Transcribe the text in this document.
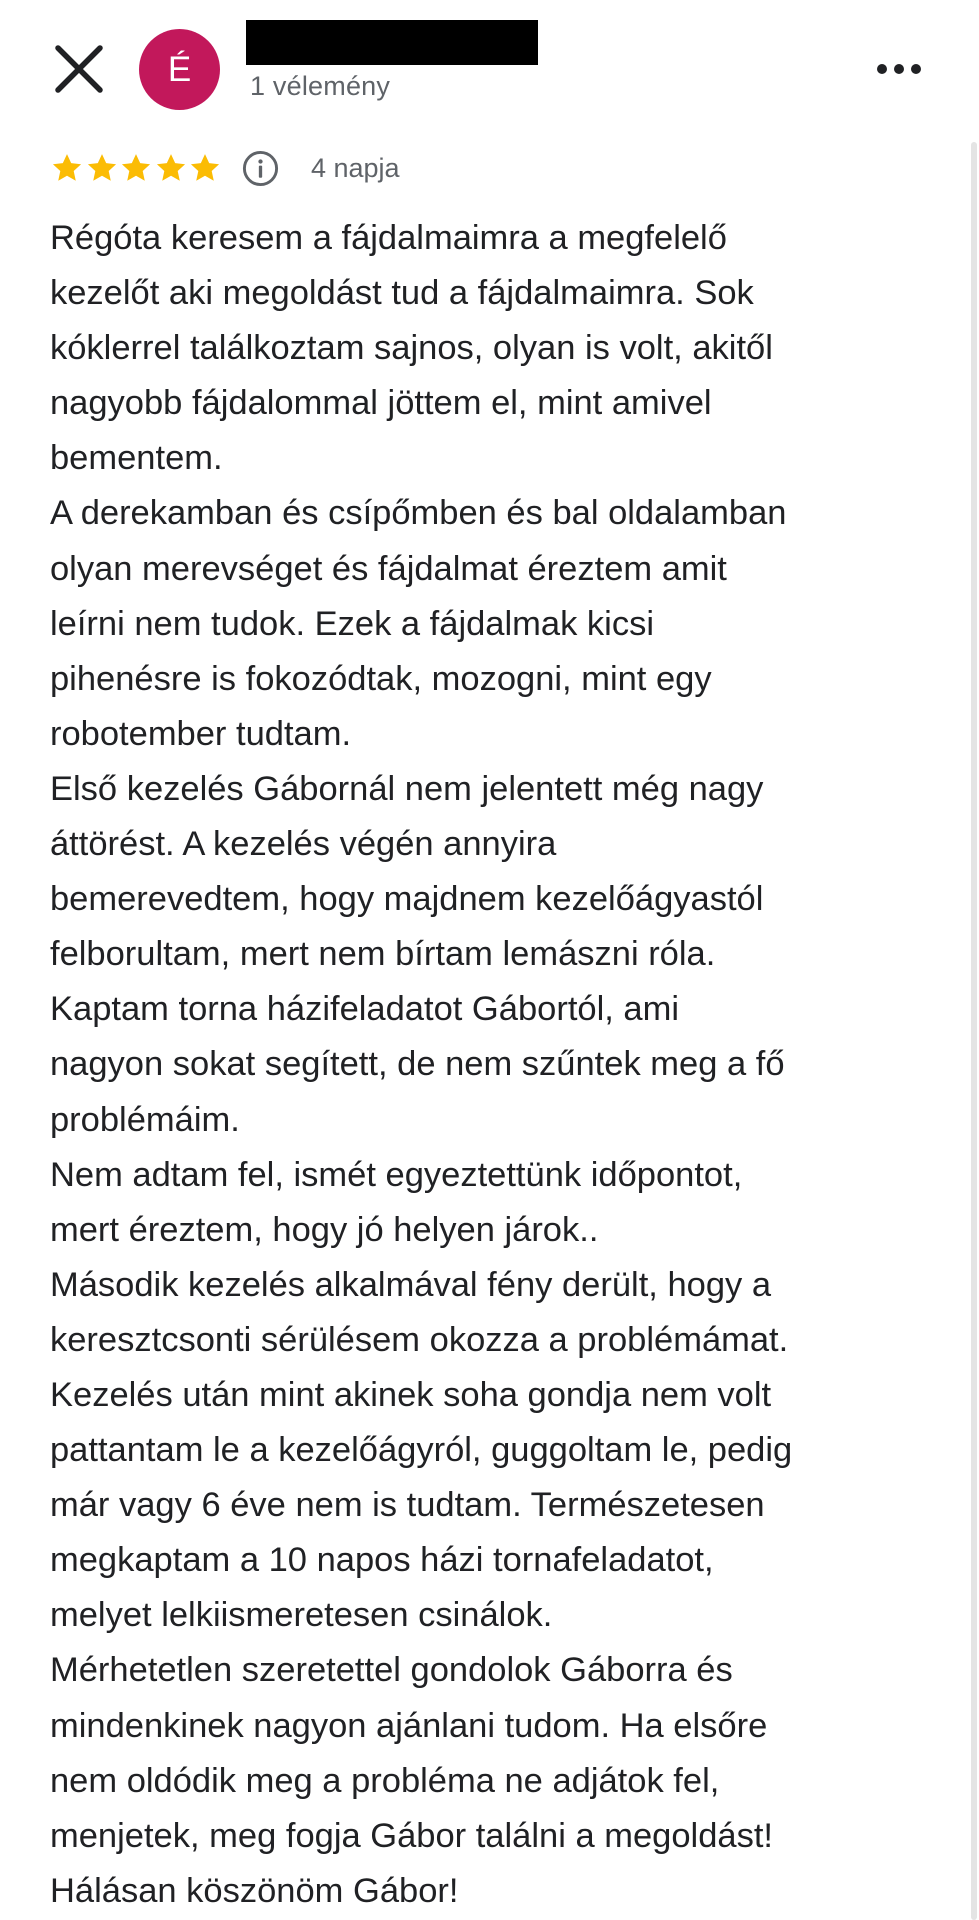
É 1 vélemény
4 napja
Régóta keresem a fájdalmaimra a megfelelő
kezelőt aki megoldást tud a fájdalmaimra. Sok
kóklerrel találkoztam sajnos, olyan is volt, akitől
nagyobb fájdalommal jöttem el, mint amivel
bementem.
A derekamban és csípőmben és bal oldalamban
olyan merevséget és fájdalmat éreztem amit
leírni nem tudok. Ezek a fájdalmak kicsi
pihenésre is fokozódtak, mozogni, mint egy
robotember tudtam.
Első kezelés Gábornál nem jelentett még nagy
áttörést. A kezelés végén annyira
bemerevedtem, hogy majdnem kezelőágyastól
felborultam, mert nem bírtam lemászni róla.
Kaptam torna házifeladatot Gábortól, ami
nagyon sokat segített, de nem szűntek meg a fő
problémáim.
Nem adtam fel, ismét egyeztettünk időpontot,
mert éreztem, hogy jó helyen járok..
Második kezelés alkalmával fény derült, hogy a
keresztcsonti sérülésem okozza a problémámat.
Kezelés után mint akinek soha gondja nem volt
pattantam le a kezelőágyról, guggoltam le, pedig
már vagy 6 éve nem is tudtam. Természetesen
megkaptam a 10 napos házi tornafeladatot,
melyet lelkiismeretesen csinálok.
Mérhetetlen szeretettel gondolok Gáborra és
mindenkinek nagyon ajánlani tudom. Ha elsőre
nem oldódik meg a probléma ne adjátok fel,
menjetek, meg fogja Gábor találni a megoldást!
Hálásan köszönöm Gábor!
